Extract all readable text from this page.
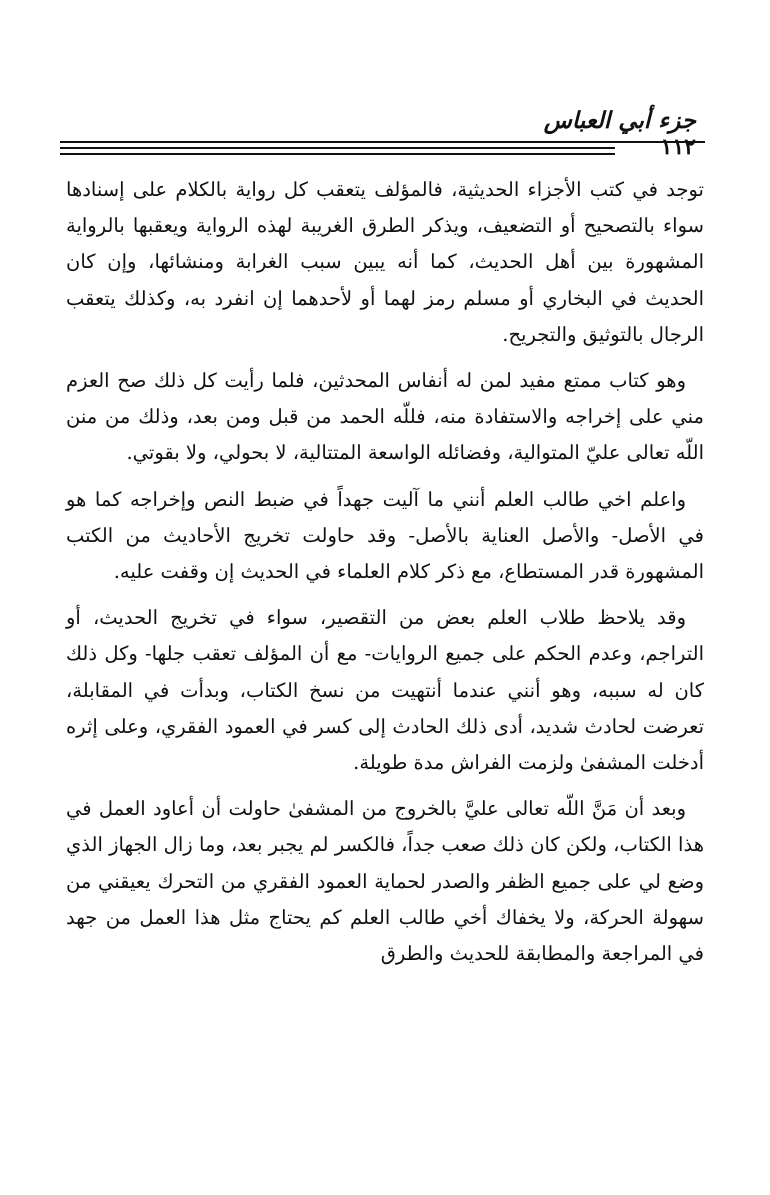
جزء أبي العباس
١١٢

توجد في كتب الأجزاء الحديثية، فالمؤلف يتعقب كل رواية بالكلام على إسنادها سواء بالتصحيح أو التضعيف، ويذكر الطرق الغريبة لهذه الرواية ويعقبها بالرواية المشهورة بين أهل الحديث، كما أنه يبين سبب الغرابة ومنشائها، وإن كان الحديث في البخاري أو مسلم رمز لهما أو لأحدهما إن انفرد به، وكذلك يتعقب الرجال بالتوثيق والتجريح.

وهو كتاب ممتع مفيد لمن له أنفاس المحدثين، فلما رأيت كل ذلك صح العزم مني على إخراجه والاستفادة منه، فللّه الحمد من قبل ومن بعد، وذلك من منن اللّه تعالى عليّ المتوالية، وفضائله الواسعة المتتالية، لا بحولي، ولا بقوتي.

واعلم اخي طالب العلم أنني ما آليت جهداً في ضبط النص وإخراجه كما هو في الأصل- والأصل العناية بالأصل- وقد حاولت تخريج الأحاديث من الكتب المشهورة قدر المستطاع، مع ذكر كلام العلماء في الحديث إن وقفت عليه.

وقد يلاحظ طلاب العلم بعض من التقصير، سواء في تخريج الحديث، أو التراجم، وعدم الحكم على جميع الروايات- مع أن المؤلف تعقب جلها- وكل ذلك كان له سببه، وهو أنني عندما أنتهيت من نسخ الكتاب، وبدأت في المقابلة، تعرضت لحادث شديد، أدى ذلك الحادث إلى كسر في العمود الفقري، وعلى إثره أدخلت المشفىٰ ولزمت الفراش مدة طويلة.

وبعد أن مَنَّ اللّه تعالى عليَّ بالخروج من المشفىٰ حاولت أن أعاود العمل في هذا الكتاب، ولكن كان ذلك صعب جداً، فالكسر لم يجبر بعد، وما زال الجهاز الذي وضع لي على جميع الظفر والصدر لحماية العمود الفقري من التحرك يعيقني من سهولة الحركة، ولا يخفاك أخي طالب العلم كم يحتاج مثل هذا العمل من جهد في المراجعة والمطابقة للحديث والطرق
